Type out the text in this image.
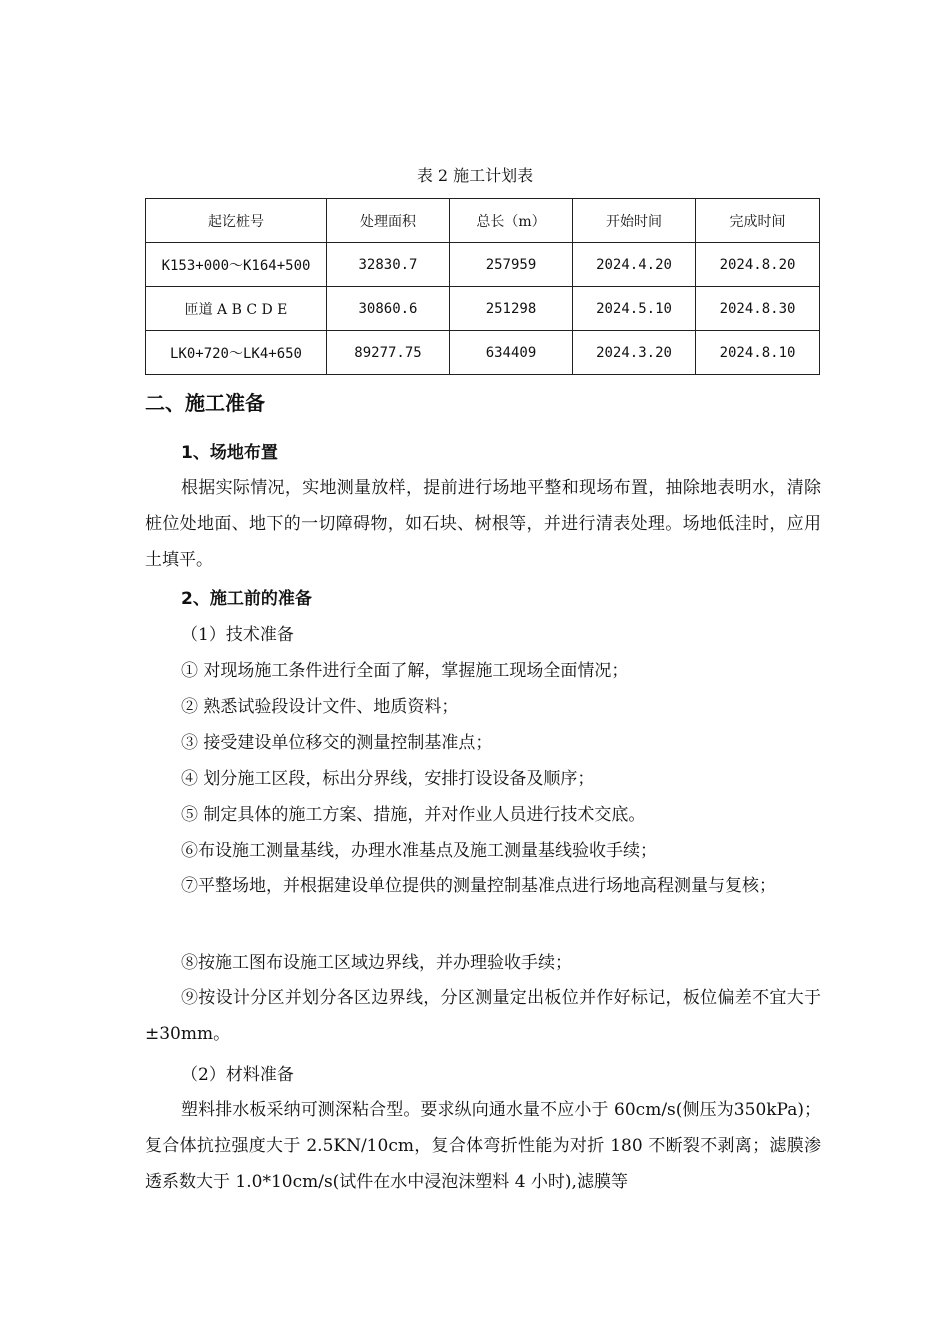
表 2 施工计划表
起讫桩号	处理面积	总长（m）	开始时间	完成时间
K153+000～K164+500	32830.7	257959	2024.4.20	2024.8.20
匝道 A B C D E	30860.6	251298	2024.5.10	2024.8.30
LK0+720～LK4+650	89277.75	634409	2024.3.20	2024.8.10
二、施工准备
1、场地布置

根据实际情况，实地测量放样，提前进行场地平整和现场布置，抽除地表明水，清除桩位处地面、地下的一切障碍物，如石块、树根等，并进行清表处理。场地低洼时，应用土填平。

2、施工前的准备
（1）技术准备
① 对现场施工条件进行全面了解，掌握施工现场全面情况；
② 熟悉试验段设计文件、地质资料；
③ 接受建设单位移交的测量控制基准点；
④ 划分施工区段，标出分界线，安排打设设备及顺序；
⑤ 制定具体的施工方案、措施，并对作业人员进行技术交底。
⑥布设施工测量基线，办理水准基点及施工测量基线验收手续；

⑦平整场地，并根据建设单位提供的测量控制基准点进行场地高程测量与复核；

⑧按施工图布设施工区域边界线，并办理验收手续；

⑨按设计分区并划分各区边界线，分区测量定出板位并作好标记，板位偏差不宜大于±30mm。

（2）材料准备

塑料排水板采纳可测深粘合型。要求纵向通水量不应小于 60cm/s(侧压为350kPa)；复合体抗拉强度大于 2.5KN/10cm，复合体弯折性能为对折 180 不断裂不剥离；滤膜渗透系数大于 1.0*10cm/s(试件在水中浸泡沫塑料 4 小时),滤膜等
